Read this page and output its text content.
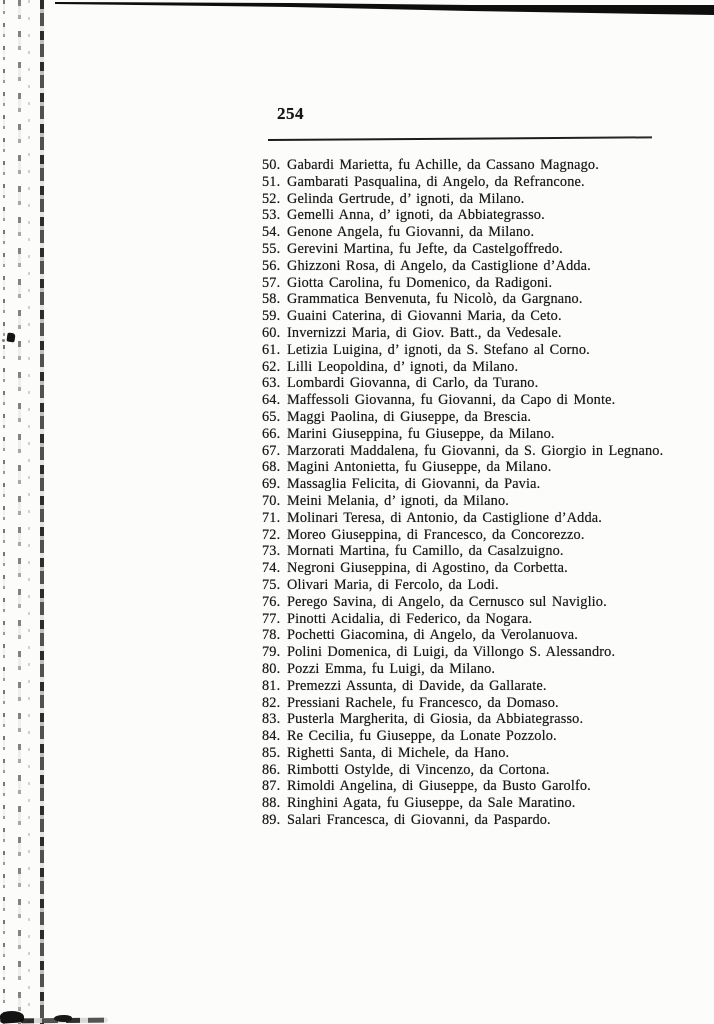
254
50. Gabardi Marietta, fu Achille, da Cassano Magnago.
51. Gambarati Pasqualina, di Angelo, da Refrancone.
52. Gelinda Gertrude, d’ ignoti, da Milano.
53. Gemelli Anna, d’ ignoti, da Abbiategrasso.
54. Genone Angela, fu Giovanni, da Milano.
55. Gerevini Martina, fu Jefte, da Castelgoffredo.
56. Ghizzoni Rosa, di Angelo, da Castiglione d’Adda.
57. Giotta Carolina, fu Domenico, da Radigoni.
58. Grammatica Benvenuta, fu Nicolò, da Gargnano.
59. Guaini Caterina, di Giovanni Maria, da Ceto.
60. Invernizzi Maria, di Giov. Batt., da Vedesale.
61. Letizia Luigina, d’ ignoti, da S. Stefano al Corno.
62. Lilli Leopoldina, d’ ignoti, da Milano.
63. Lombardi Giovanna, di Carlo, da Turano.
64. Maffessoli Giovanna, fu Giovanni, da Capo di Monte.
65. Maggi Paolina, di Giuseppe, da Brescia.
66. Marini Giuseppina, fu Giuseppe, da Milano.
67. Marzorati Maddalena, fu Giovanni, da S. Giorgio in Legnano.
68. Magini Antonietta, fu Giuseppe, da Milano.
69. Massaglia Felicita, di Giovanni, da Pavia.
70. Meini Melania, d’ ignoti, da Milano.
71. Molinari Teresa, di Antonio, da Castiglione d’Adda.
72. Moreo Giuseppina, di Francesco, da Concorezzo.
73. Mornati Martina, fu Camillo, da Casalzuigno.
74. Negroni Giuseppina, di Agostino, da Corbetta.
75. Olivari Maria, di Fercolo, da Lodi.
76. Perego Savina, di Angelo, da Cernusco sul Naviglio.
77. Pinotti Acidalia, di Federico, da Nogara.
78. Pochetti Giacomina, di Angelo, da Verolanuova.
79. Polini Domenica, di Luigi, da Villongo S. Alessandro.
80. Pozzi Emma, fu Luigi, da Milano.
81. Premezzi Assunta, di Davide, da Gallarate.
82. Pressiani Rachele, fu Francesco, da Domaso.
83. Pusterla Margherita, di Giosia, da Abbiategrasso.
84. Re Cecilia, fu Giuseppe, da Lonate Pozzolo.
85. Righetti Santa, di Michele, da Hano.
86. Rimbotti Ostylde, di Vincenzo, da Cortona.
87. Rimoldi Angelina, di Giuseppe, da Busto Garolfo.
88. Ringhini Agata, fu Giuseppe, da Sale Maratino.
89. Salari Francesca, di Giovanni, da Paspardo.
